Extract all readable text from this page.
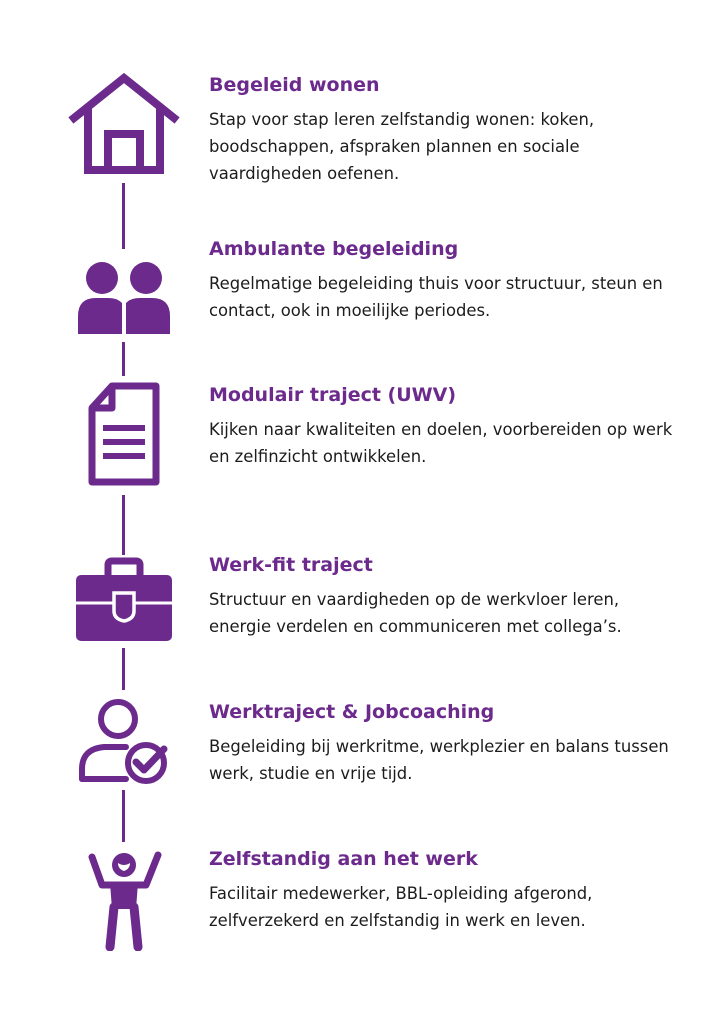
Begeleid wonen

Stap voor stap leren zelfstandig wonen: koken, boodschappen, afspraken plannen en sociale vaardigheden oefenen.

Ambulante begeleiding

Regelmatige begeleiding thuis voor structuur, steun en contact, ook in moeilijke periodes.

Modulair traject (UWV)

Kijken naar kwaliteiten en doelen, voorbereiden op werk en zelfinzicht ontwikkelen.

Werk-fit traject

Structuur en vaardigheden op de werkvloer leren, energie verdelen en communiceren met collega’s.

Werktraject & Jobcoaching

Begeleiding bij werkritme, werkplezier en balans tussen werk, studie en vrije tijd.

Zelfstandig aan het werk

Facilitair medewerker, BBL-opleiding afgerond, zelfverzekerd en zelfstandig in werk en leven.
